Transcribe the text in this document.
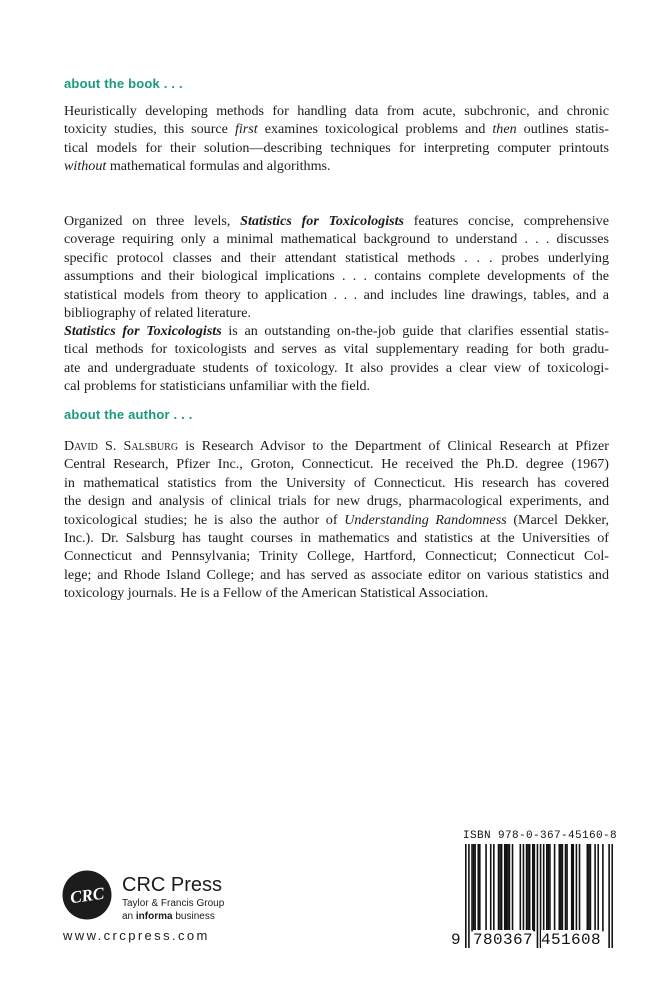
about the book . . .
Heuristically developing methods for handling data from acute, subchronic, and chronic
toxicity studies, this source first examines toxicological problems and then outlines statis-
tical models for their solution—describing techniques for interpreting computer printouts
without mathematical formulas and algorithms.
Organized on three levels, Statistics for Toxicologists features concise, comprehensive
coverage requiring only a minimal mathematical background to understand . . . discusses
specific protocol classes and their attendant statistical methods . . . probes underlying
assumptions and their biological implications . . . contains complete developments of the
statistical models from theory to application . . . and includes line drawings, tables, and a
bibliography of related literature.
Statistics for Toxicologists is an outstanding on-the-job guide that clarifies essential statis-
tical methods for toxicologists and serves as vital supplementary reading for both gradu-
ate and undergraduate students of toxicology. It also provides a clear view of toxicologi-
cal problems for statisticians unfamiliar with the field.
about the author . . .
David S. Salsburg is Research Advisor to the Department of Clinical Research at Pfizer
Central Research, Pfizer Inc., Groton, Connecticut. He received the Ph.D. degree (1967)
in mathematical statistics from the University of Connecticut. His research has covered
the design and analysis of clinical trials for new drugs, pharmacological experiments, and
toxicological studies; he is also the author of Understanding Randomness (Marcel Dekker,
Inc.). Dr. Salsburg has taught courses in mathematics and statistics at the Universities of
Connecticut and Pennsylvania; Trinity College, Hartford, Connecticut; Connecticut Col-
lege; and Rhode Island College; and has served as associate editor on various statistics and
toxicology journals. He is a Fellow of the American Statistical Association.
CRC CRC Press
Taylor & Francis Group
an informa business
www.crcpress.com
ISBN 978-0-367-45160-8
9 780367 451608
